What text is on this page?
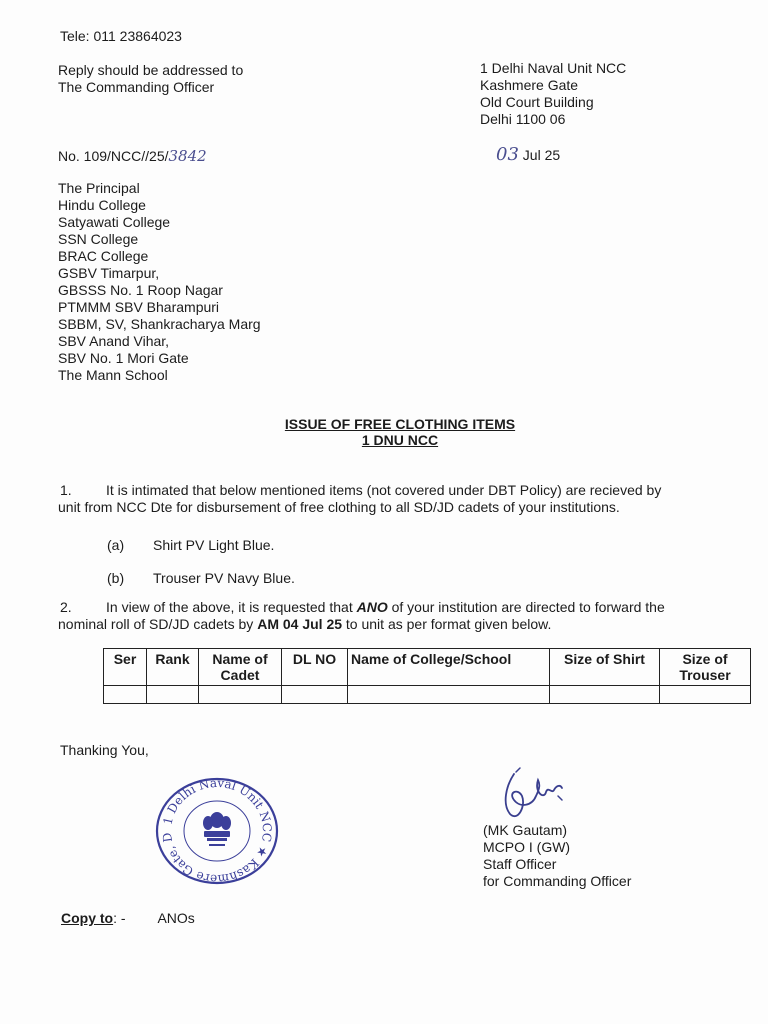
Tele: 011 23864023
Reply should be addressed to
The Commanding Officer
1 Delhi Naval Unit NCC
Kashmere Gate
Old Court Building
Delhi 1100 06
No. 109/NCC//25/3842	03 Jul 25
The Principal
Hindu College
Satyawati College
SSN College
BRAC College
GSBV Timarpur,
GBSSS No. 1 Roop Nagar
PTMMM SBV Bharampuri
SBBM, SV, Shankracharya Marg
SBV Anand Vihar,
SBV No. 1 Mori Gate
The Mann School
ISSUE OF FREE CLOTHING ITEMS
1 DNU NCC
1. It is intimated that below mentioned items (not covered under DBT Policy) are recieved by
unit from NCC Dte for disbursement of free clothing to all SD/JD cadets of your institutions.
(a) Shirt PV Light Blue.
(b) Trouser PV Navy Blue.
2. In view of the above, it is requested that ANO of your institution are directed to forward the
nominal roll of SD/JD cadets by AM 04 Jul 25 to unit as per format given below.
Ser	Rank	Name of Cadet	DL NO	Name of College/School	Size of Shirt	Size of Trouser

Thanking You,
1 Delhi Naval Unit NCC ★ Kashmere Gate, D	(MK Gautam)
MCPO I (GW)
Staff Officer
for Commanding Officer
Copy to: - ANOs
